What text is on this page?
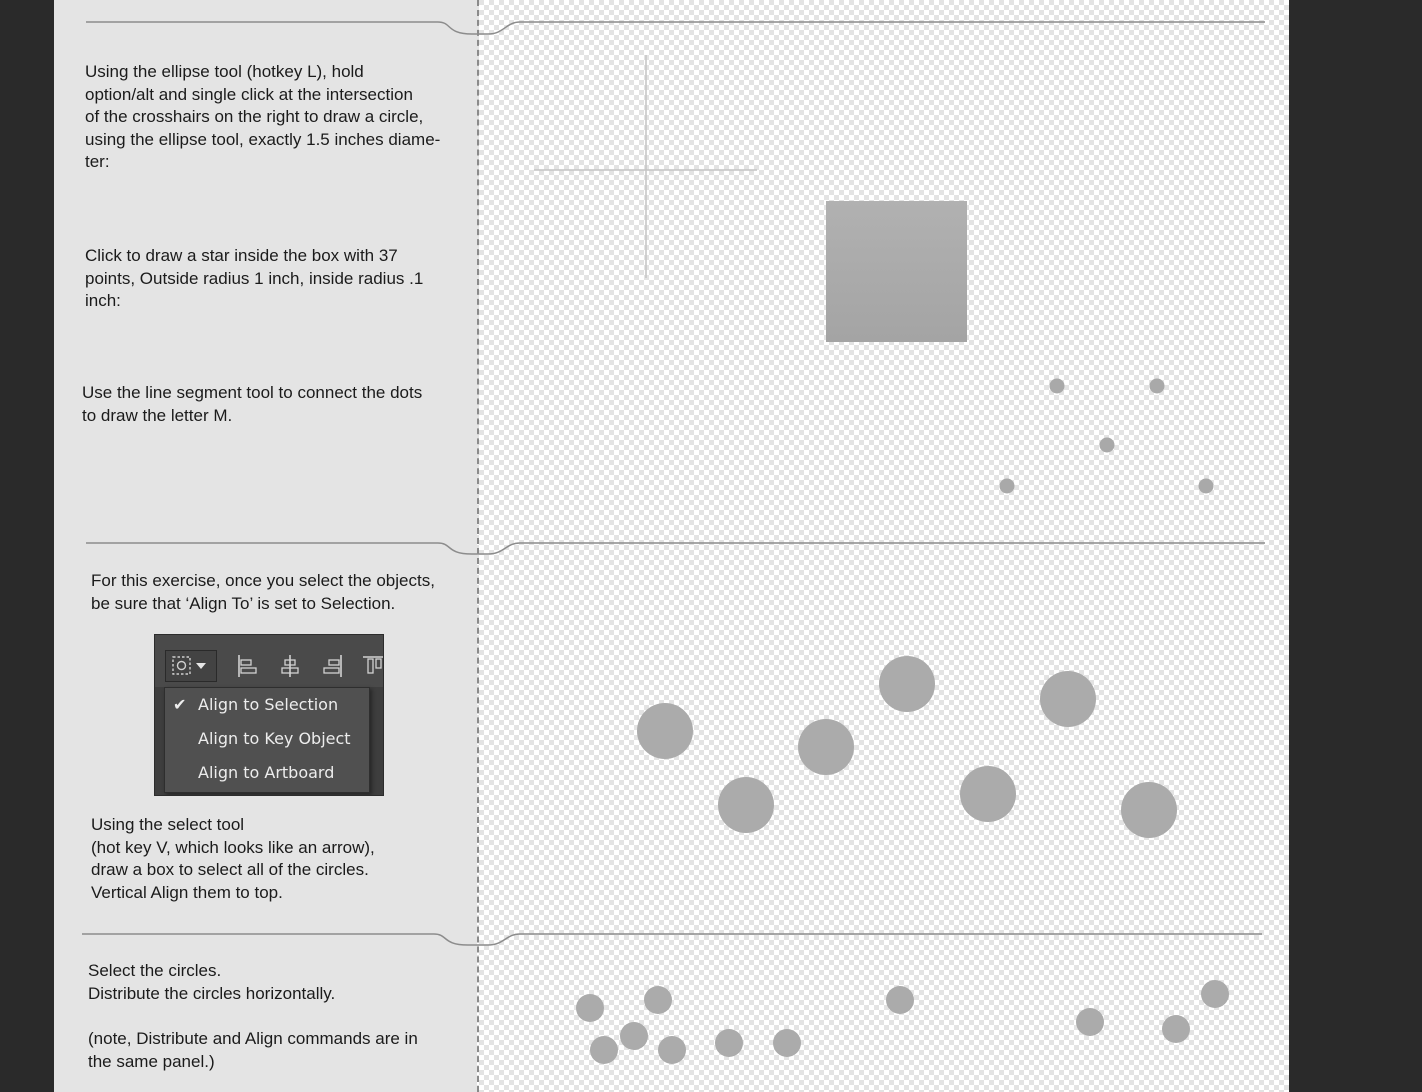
Using the ellipse tool (hotkey L), hold
option/alt and single click at the intersection
of the crosshairs on the right to draw a circle,
using the ellipse tool, exactly 1.5 inches diame-
ter:

Click to draw a star inside the box with 37
points, Outside radius 1 inch, inside radius .1
inch:

Use the line segment tool to connect the dots
to draw the letter M.

For this exercise, once you select the objects,
be sure that ‘Align To’ is set to Selection.

Using the select tool
(hot key V, which looks like an arrow),
draw a box to select all of the circles.
Vertical Align them to top.

Select the circles.
Distribute the circles horizontally.

(note, Distribute and Align commands are in
the same panel.)

✔ Align to Selection
Align to Key Object
Align to Artboard
